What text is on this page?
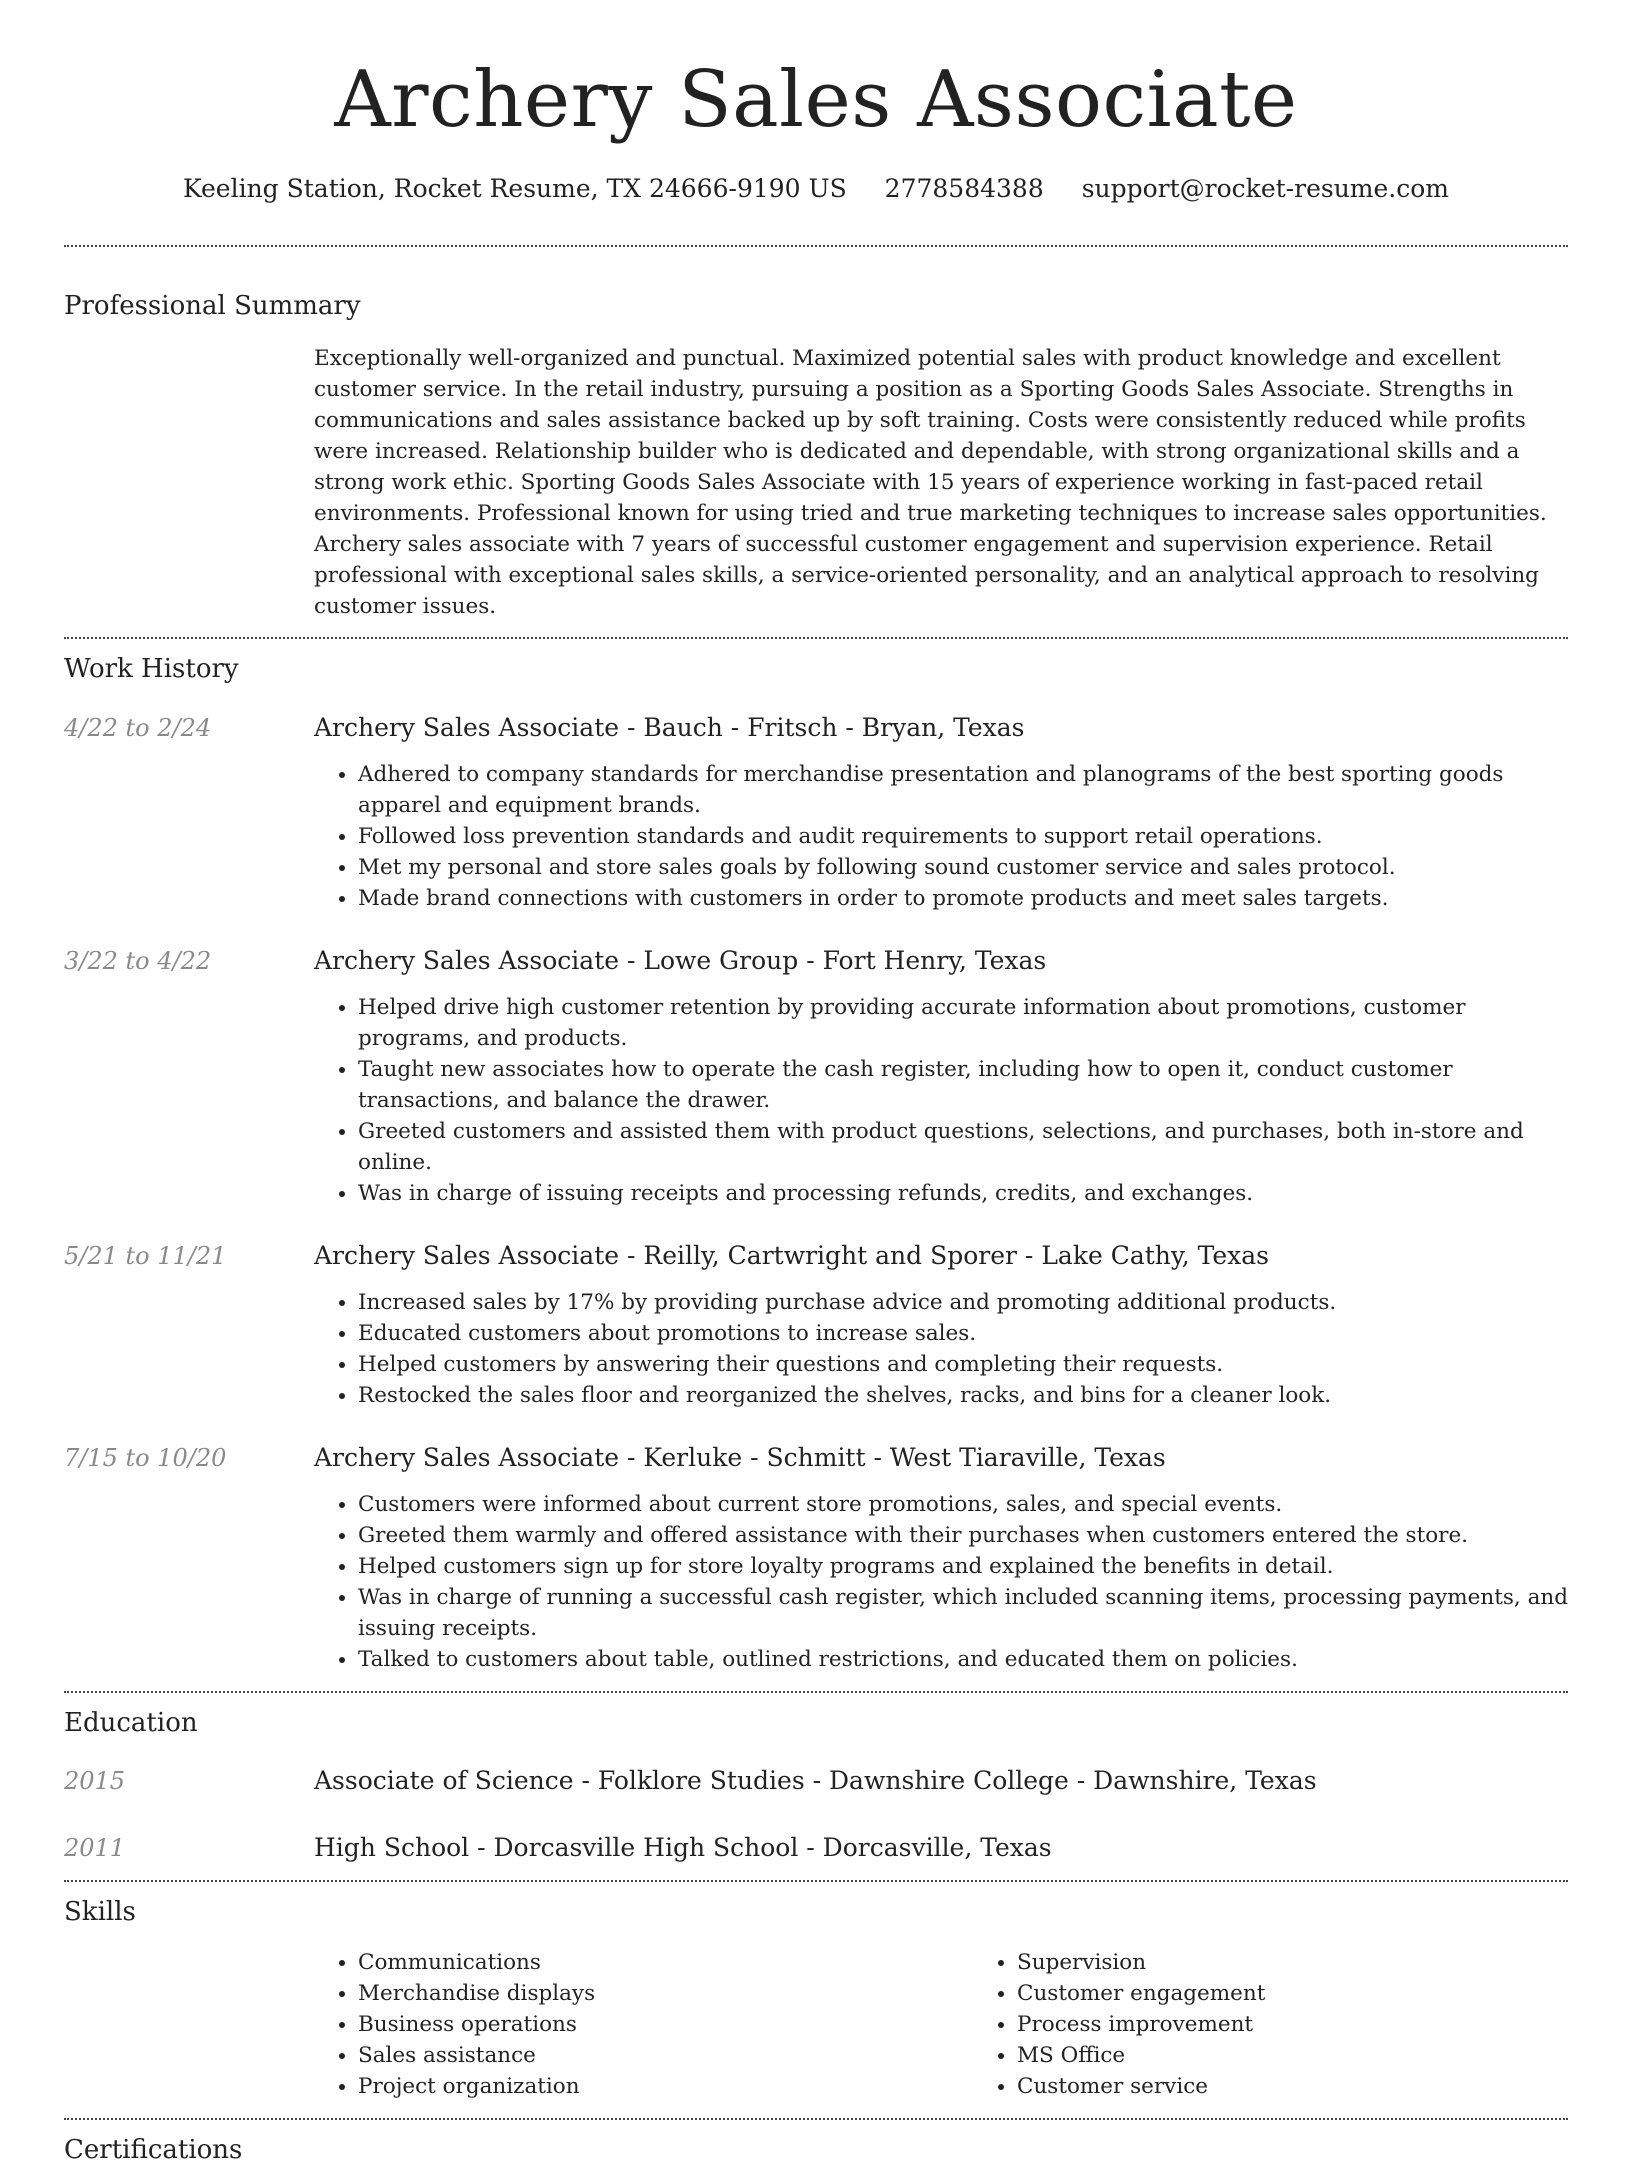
Archery Sales Associate
Keeling Station, Rocket Resume, TX 24666-9190 US 2778584388 support@rocket-resume.com
Professional Summary
Exceptionally well-organized and punctual. Maximized potential sales with product knowledge and excellent customer service. In the retail industry, pursuing a position as a Sporting Goods Sales Associate. Strengths in communications and sales assistance backed up by soft training. Costs were consistently reduced while profits were increased. Relationship builder who is dedicated and dependable, with strong organizational skills and a strong work ethic. Sporting Goods Sales Associate with 15 years of experience working in fast-paced retail environments. Professional known for using tried and true marketing techniques to increase sales opportunities. Archery sales associate with 7 years of successful customer engagement and supervision experience. Retail professional with exceptional sales skills, a service-oriented personality, and an analytical approach to resolving customer issues.
Work History
4/22 to 2/24	Archery Sales Associate - Bauch - Fritsch - Bryan, Texas
• Adhered to company standards for merchandise presentation and planograms of the best sporting goods apparel and equipment brands.
• Followed loss prevention standards and audit requirements to support retail operations.
• Met my personal and store sales goals by following sound customer service and sales protocol.
• Made brand connections with customers in order to promote products and meet sales targets.
3/22 to 4/22	Archery Sales Associate - Lowe Group - Fort Henry, Texas
• Helped drive high customer retention by providing accurate information about promotions, customer programs, and products.
• Taught new associates how to operate the cash register, including how to open it, conduct customer transactions, and balance the drawer.
• Greeted customers and assisted them with product questions, selections, and purchases, both in-store and online.
• Was in charge of issuing receipts and processing refunds, credits, and exchanges.
5/21 to 11/21	Archery Sales Associate - Reilly, Cartwright and Sporer - Lake Cathy, Texas
• Increased sales by 17% by providing purchase advice and promoting additional products.
• Educated customers about promotions to increase sales.
• Helped customers by answering their questions and completing their requests.
• Restocked the sales floor and reorganized the shelves, racks, and bins for a cleaner look.
7/15 to 10/20	Archery Sales Associate - Kerluke - Schmitt - West Tiaraville, Texas
• Customers were informed about current store promotions, sales, and special events.
• Greeted them warmly and offered assistance with their purchases when customers entered the store.
• Helped customers sign up for store loyalty programs and explained the benefits in detail.
• Was in charge of running a successful cash register, which included scanning items, processing payments, and issuing receipts.
• Talked to customers about table, outlined restrictions, and educated them on policies.
Education
2015	Associate of Science - Folklore Studies - Dawnshire College - Dawnshire, Texas
2011	High School - Dorcasville High School - Dorcasville, Texas
Skills
• Communications
• Merchandise displays
• Business operations
• Sales assistance
• Project organization
• Supervision
• Customer engagement
• Process improvement
• MS Office
• Customer service
Certifications
